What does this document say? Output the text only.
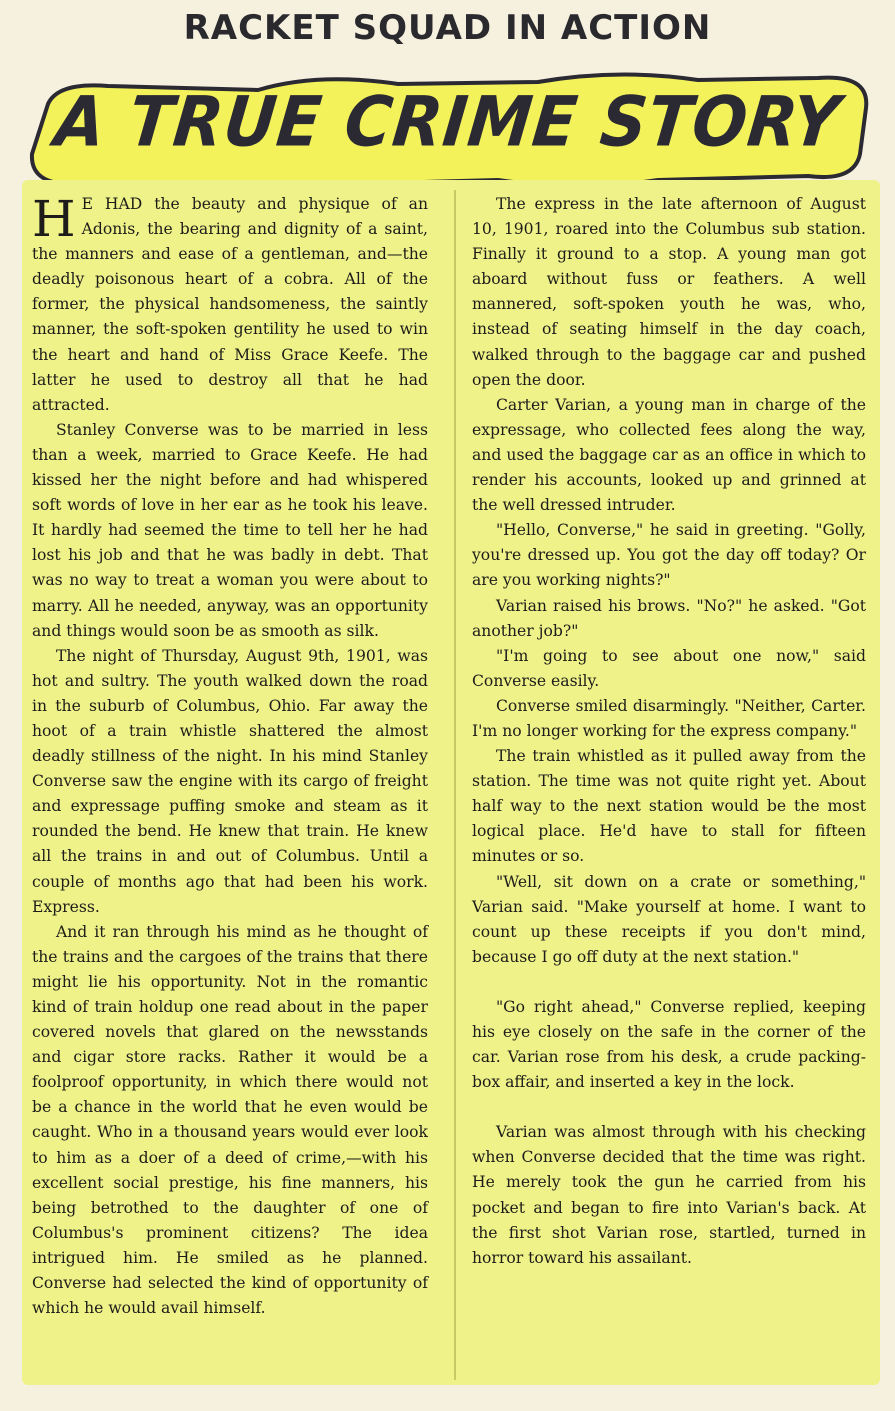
RACKET SQUAD IN ACTION
A TRUE CRIME STORY

H E HAD the beauty and physique of an Adonis, the bearing and dignity of a saint, the manners and ease of a gentleman, and—the deadly poisonous heart of a cobra. All of the former, the physical handsomeness, the saintly manner, the soft-spoken gentility he used to win the heart and hand of Miss Grace Keefe. The latter he used to destroy all that he had attracted.

Stanley Converse was to be married in less than a week, married to Grace Keefe. He had kissed her the night before and had whispered soft words of love in her ear as he took his leave. It hardly had seemed the time to tell her he had lost his job and that he was badly in debt. That was no way to treat a woman you were about to marry. All he needed, anyway, was an opportunity and things would soon be as smooth as silk.

The night of Thursday, August 9th, 1901, was hot and sultry. The youth walked down the road in the suburb of Columbus, Ohio. Far away the hoot of a train whistle shattered the almost deadly stillness of the night. In his mind Stanley Converse saw the engine with its cargo of freight and expressage puffing smoke and steam as it rounded the bend. He knew that train. He knew all the trains in and out of Columbus. Until a couple of months ago that had been his work. Express.

And it ran through his mind as he thought of the trains and the cargoes of the trains that there might lie his opportunity. Not in the romantic kind of train holdup one read about in the paper covered novels that glared on the newsstands and cigar store racks. Rather it would be a foolproof opportunity, in which there would not be a chance in the world that he even would be caught. Who in a thousand years would ever look to him as a doer of a deed of crime,—with his excellent social prestige, his fine manners, his being betrothed to the daughter of one of Columbus's prominent citizens? The idea intrigued him. He smiled as he planned. Converse had selected the kind of opportunity of which he would avail himself.

The express in the late afternoon of August 10, 1901, roared into the Columbus sub station. Finally it ground to a stop. A young man got aboard without fuss or feathers. A well mannered, soft-spoken youth he was, who, instead of seating himself in the day coach, walked through to the baggage car and pushed open the door.

Carter Varian, a young man in charge of the expressage, who collected fees along the way, and used the baggage car as an office in which to render his accounts, looked up and grinned at the well dressed intruder.

"Hello, Converse," he said in greeting. "Golly, you're dressed up. You got the day off today? Or are you working nights?"

Varian raised his brows. "No?" he asked. "Got another job?"

"I'm going to see about one now," said Converse easily.

Converse smiled disarmingly. "Neither, Carter. I'm no longer working for the express company."

The train whistled as it pulled away from the station. The time was not quite right yet. About half way to the next station would be the most logical place. He'd have to stall for fifteen minutes or so.

"Well, sit down on a crate or something," Varian said. "Make yourself at home. I want to count up these receipts if you don't mind, because I go off duty at the next station."

"Go right ahead," Converse replied, keeping his eye closely on the safe in the corner of the car. Varian rose from his desk, a crude packing-box affair, and inserted a key in the lock.

Varian was almost through with his checking when Converse decided that the time was right. He merely took the gun he carried from his pocket and began to fire into Varian's back. At the first shot Varian rose, startled, turned in horror toward his assailant.
